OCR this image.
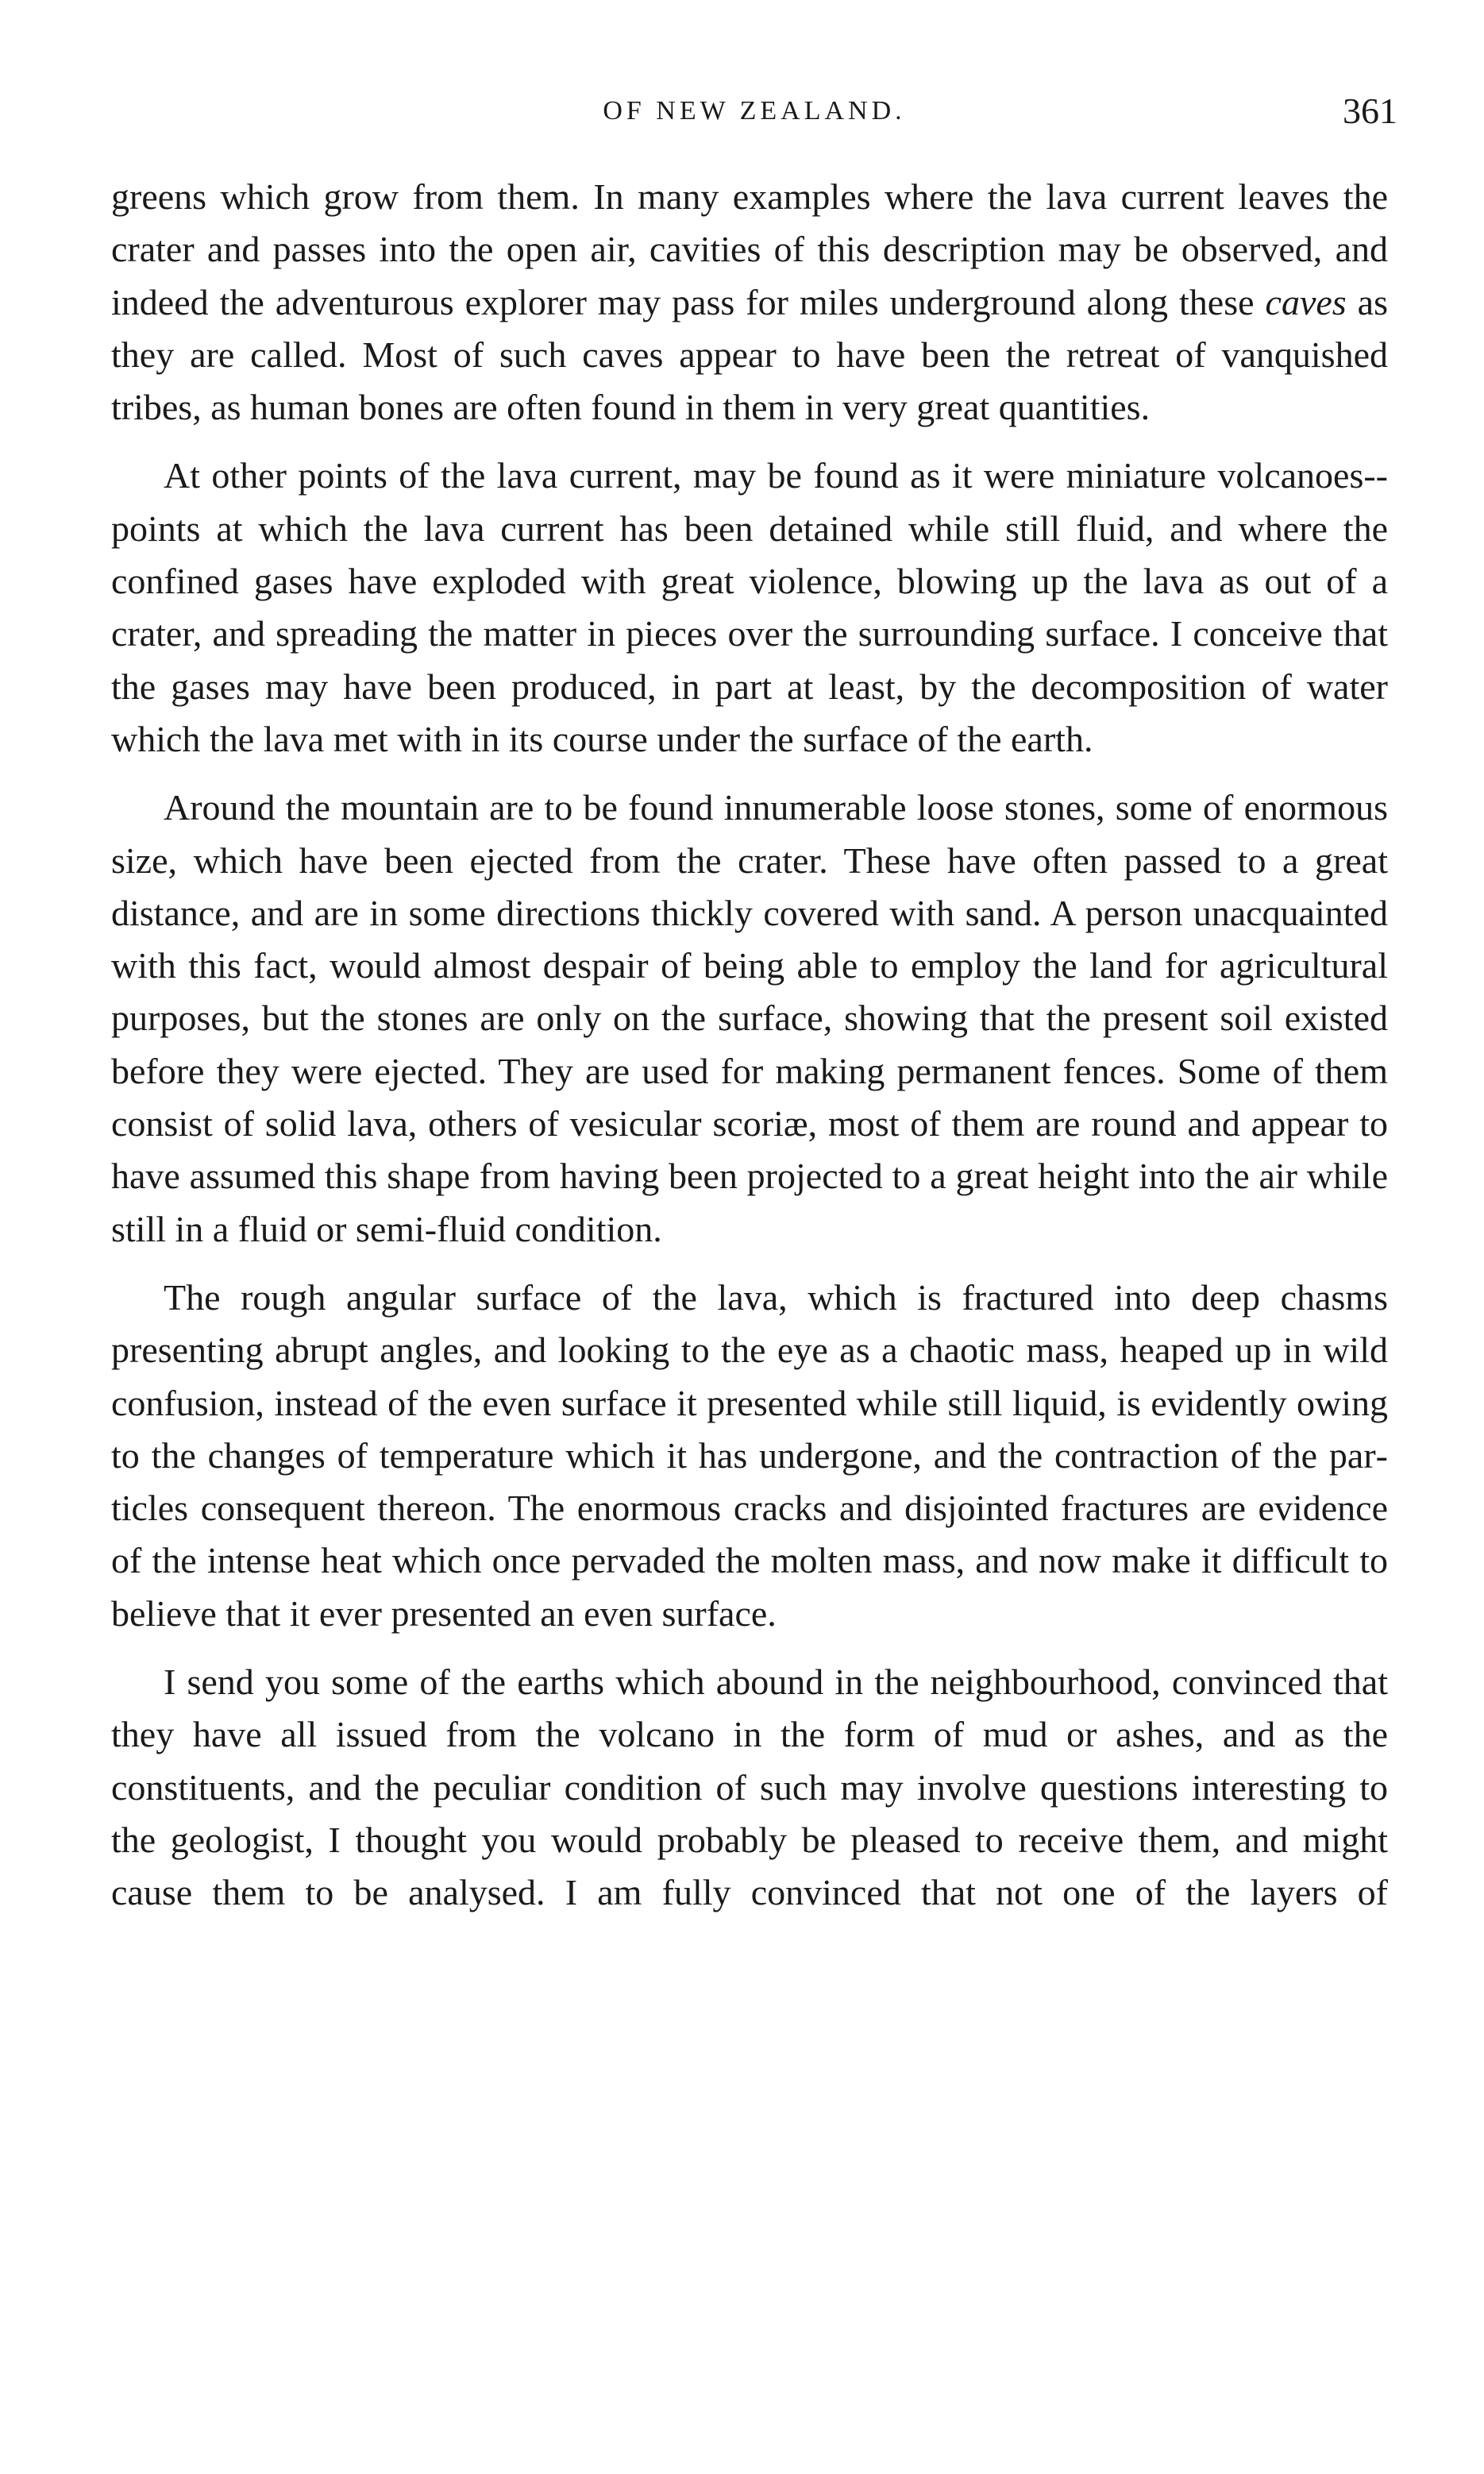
OF NEW ZEALAND.	361

greens which grow from them. In many examples where the lava current leaves the crater and passes into the open air, cavities of this description may be observed, and indeed the adventurous explorer may pass for miles underground along these caves as they are called. Most of such caves appear to have been the retreat of vanquished tribes, as human bones are often found in them in very great quantities.

At other points of the lava current, may be found as it were miniature volcanoes--points at which the lava current has been detained while still fluid, and where the confined gases have exploded with great violence, blowing up the lava as out of a crater, and spreading the matter in pieces over the surrounding surface. I conceive that the gases may have been produced, in part at least, by the decomposition of water which the lava met with in its course under the surface of the earth.

Around the mountain are to be found innumerable loose stones, some of enormous size, which have been ejected from the crater. These have often passed to a great distance, and are in some directions thickly covered with sand. A person unacquainted with this fact, would almost despair of being able to employ the land for agricultural purposes, but the stones are only on the surface, showing that the present soil existed before they were ejected. They are used for making permanent fences. Some of them consist of solid lava, others of vesicular scoriæ, most of them are round and appear to have assumed this shape from having been projected to a great height into the air while still in a fluid or semi-fluid condition.

The rough angular surface of the lava, which is fractured into deep chasms presenting abrupt angles, and looking to the eye as a chaotic mass, heaped up in wild confusion, instead of the even surface it presented while still liquid, is evidently owing to the changes of temperature which it has undergone, and the contraction of the particles consequent thereon. The enormous cracks and disjointed fractures are evidence of the intense heat which once pervaded the molten mass, and now make it difficult to believe that it ever presented an even surface.

I send you some of the earths which abound in the neighbourhood, convinced that they have all issued from the volcano in the form of mud or ashes, and as the constituents, and the peculiar condition of such may involve questions interesting to the geologist, I thought you would probably be pleased to receive them, and might cause them to be analysed. I am fully convinced that not one of the layers of
